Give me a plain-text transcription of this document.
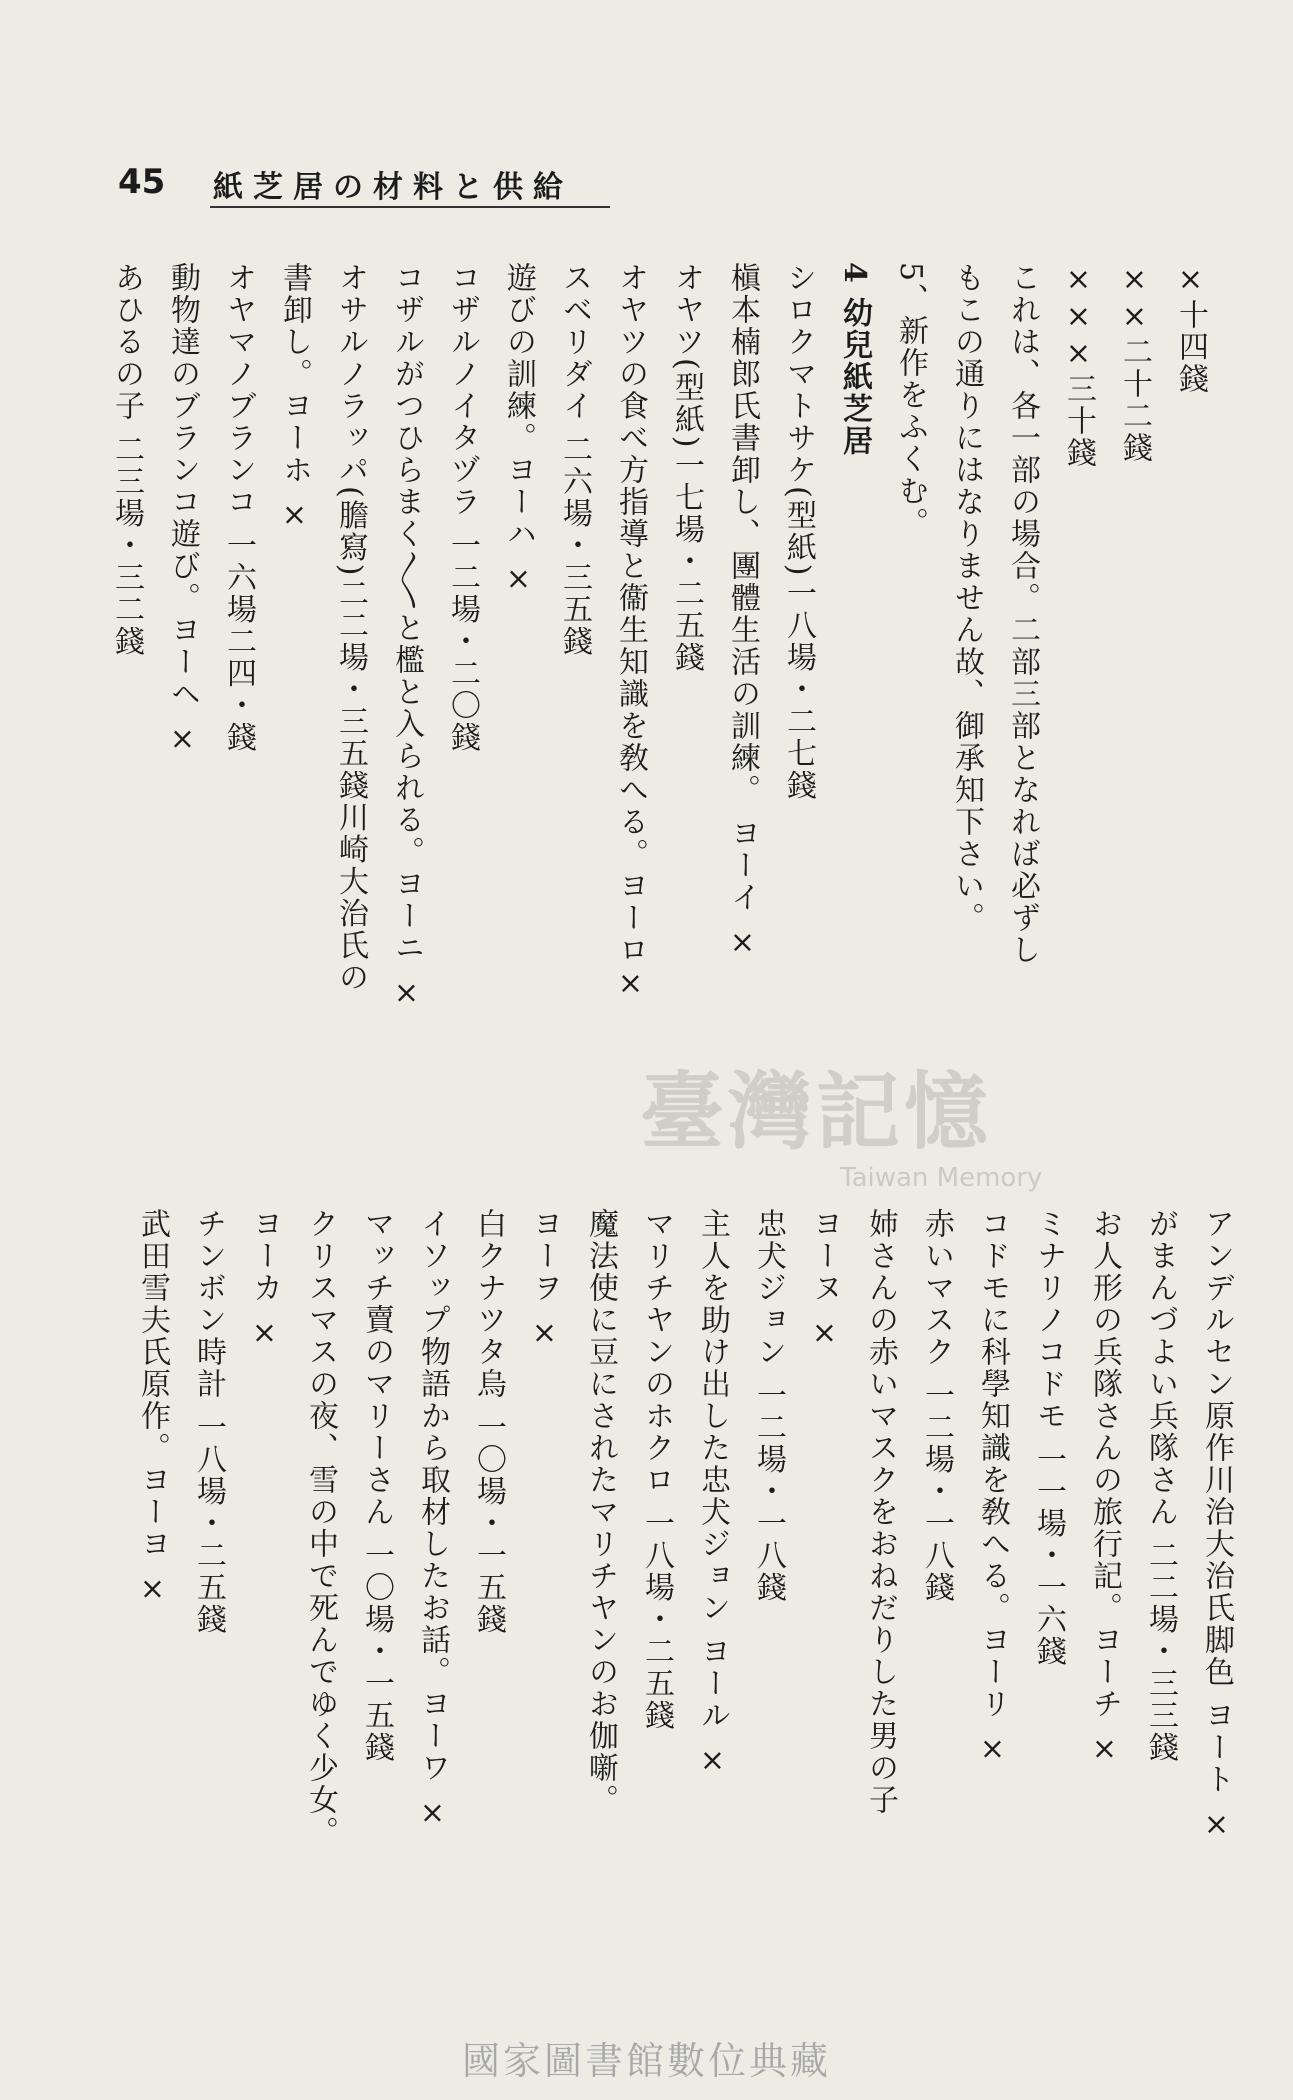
45 紙芝居の材料と供給
×十四錢
××二十二錢
×××三十錢
これは、各一部の場合。二部三部となれば必ずし
もこの通りにはなりません故、御承知下さい。
5、新作をふくむ。
4 幼兒紙芝居
シロクマトサケ(型紙)一八場・二七錢
槇本楠郎氏書卸し、團體生活の訓練。 ヨーイ ×
オヤツ(型紙)一七場・二五錢
オヤツの食べ方指導と衞生知識を敎へる。ヨーロ×
スベリダイ 二六場・三五錢
遊びの訓練。ヨーハ ×
コザルノイタヅラ 一二場・二〇錢
コザルがつひらまく〳〵と檻と入られる。ヨーニ ×
オサルノラッパ(膽寫)二二場・三五錢川崎大治氏の
書卸し。ヨーホ ×
オヤマノブランコ 一六場二四・錢
動物達のブランコ遊び。ヨーヘ ×
あひるの子 二三場・三二錢
アンデルセン原作川治大治氏脚色 ヨート ×
がまんづよい兵隊さん 二二場・三三錢
お人形の兵隊さんの旅行記。ヨーチ ×
ミナリノコドモ 一一場・一六錢
コドモに科學知識を敎へる。ヨーリ ×
赤いマスク 一二場・一八錢
姉さんの赤いマスクをおねだりした男の子
ヨーヌ ×
忠犬ジョン 一二場・一八錢
主人を助け出した忠犬ジョン ヨール ×
マリチヤンのホクロ 一八場・二五錢
魔法使に豆にされたマリチヤンのお伽噺。
ヨーヲ ×
白クナツタ烏 一〇場・一五錢
イソップ物語から取材したお話。ヨーワ ×
マッチ賣のマリーさん 一〇場・一五錢
クリスマスの夜、雪の中で死んでゆく少女。
ヨーカ ×
チンボン時計 一八場・二五錢
武田雪夫氏原作。ヨーヨ ×
臺灣記憶
Taiwan Memory
國家圖書館數位典藏
